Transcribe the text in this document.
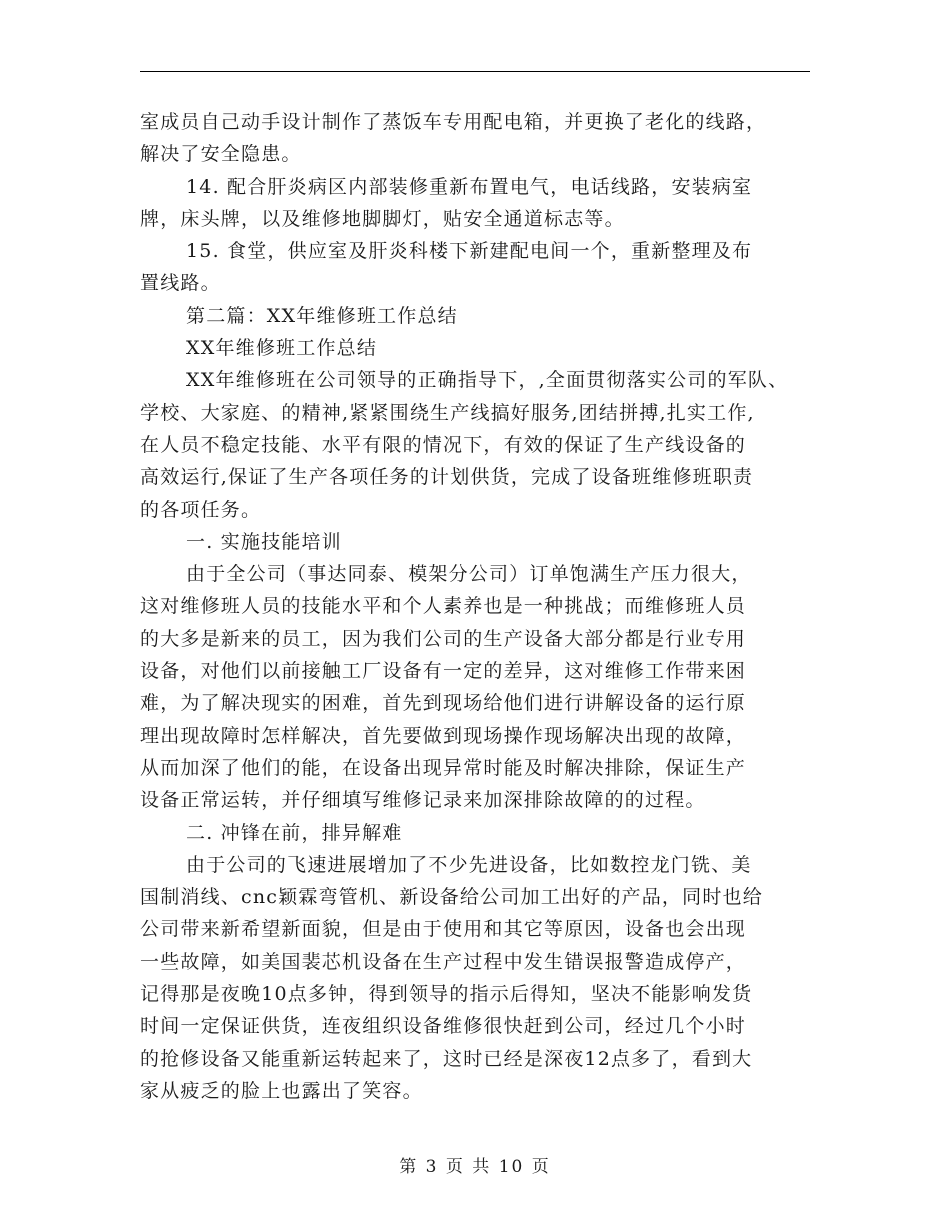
室成员自己动手设计制作了蒸饭车专用配电箱，并更换了老化的线路，
解决了安全隐患。
14. 配合肝炎病区内部装修重新布置电气，电话线路，安装病室
牌，床头牌，以及维修地脚脚灯，贴安全通道标志等。
15. 食堂，供应室及肝炎科楼下新建配电间一个，重新整理及布
置线路。
第二篇：XX年维修班工作总结
XX年维修班工作总结
XX年维修班在公司领导的正确指导下，,全面贯彻落实公司的军队、
学校、大家庭、的精神,紧紧围绕生产线搞好服务,团结拼搏,扎实工作,
在人员不稳定技能、水平有限的情况下，有效的保证了生产线设备的
高效运行,保证了生产各项任务的计划供货，完成了设备班维修班职责
的各项任务。
一. 实施技能培训
由于全公司（事达同泰、模架分公司）订单饱满生产压力很大，
这对维修班人员的技能水平和个人素养也是一种挑战；而维修班人员
的大多是新来的员工，因为我们公司的生产设备大部分都是行业专用
设备，对他们以前接触工厂设备有一定的差异，这对维修工作带来困
难，为了解决现实的困难，首先到现场给他们进行讲解设备的运行原
理出现故障时怎样解决，首先要做到现场操作现场解决出现的故障，
从而加深了他们的能，在设备出现异常时能及时解决排除，保证生产
设备正常运转，并仔细填写维修记录来加深排除故障的的过程。
二. 冲锋在前，排异解难
由于公司的飞速进展增加了不少先进设备，比如数控龙门铣、美
国制消线、cnc颖霖弯管机、新设备给公司加工出好的产品，同时也给
公司带来新希望新面貌，但是由于使用和其它等原因，设备也会出现
一些故障，如美国裴芯机设备在生产过程中发生错误报警造成停产，
记得那是夜晚10点多钟，得到领导的指示后得知，坚决不能影响发货
时间一定保证供货，连夜组织设备维修很快赶到公司，经过几个小时
的抢修设备又能重新运转起来了，这时已经是深夜12点多了，看到大
家从疲乏的脸上也露出了笑容。
第 3 页 共 10 页
